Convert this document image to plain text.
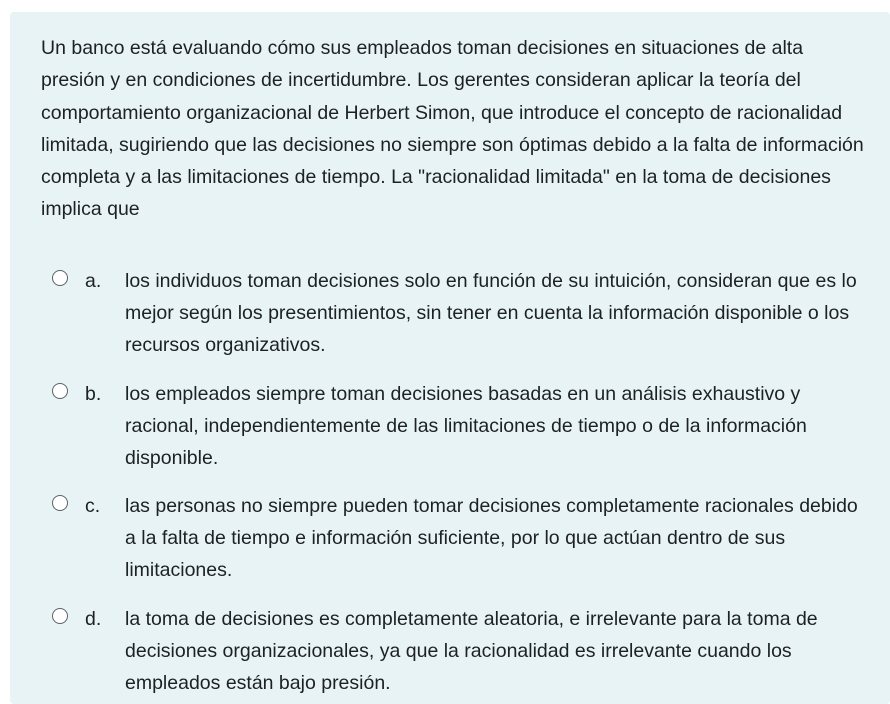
Un banco está evaluando cómo sus empleados toman decisiones en situaciones de alta presión y en condiciones de incertidumbre. Los gerentes consideran aplicar la teoría del comportamiento organizacional de Herbert Simon, que introduce el concepto de racionalidad limitada, sugiriendo que las decisiones no siempre son óptimas debido a la falta de información completa y a las limitaciones de tiempo. La "racionalidad limitada" en la toma de decisiones implica que

a. los individuos toman decisiones solo en función de su intuición, consideran que es lo mejor según los presentimientos, sin tener en cuenta la información disponible o los recursos organizativos.
b. los empleados siempre toman decisiones basadas en un análisis exhaustivo y racional, independientemente de las limitaciones de tiempo o de la información disponible.
c. las personas no siempre pueden tomar decisiones completamente racionales debido a la falta de tiempo e información suficiente, por lo que actúan dentro de sus limitaciones.
d. la toma de decisiones es completamente aleatoria, e irrelevante para la toma de decisiones organizacionales, ya que la racionalidad es irrelevante cuando los empleados están bajo presión.
